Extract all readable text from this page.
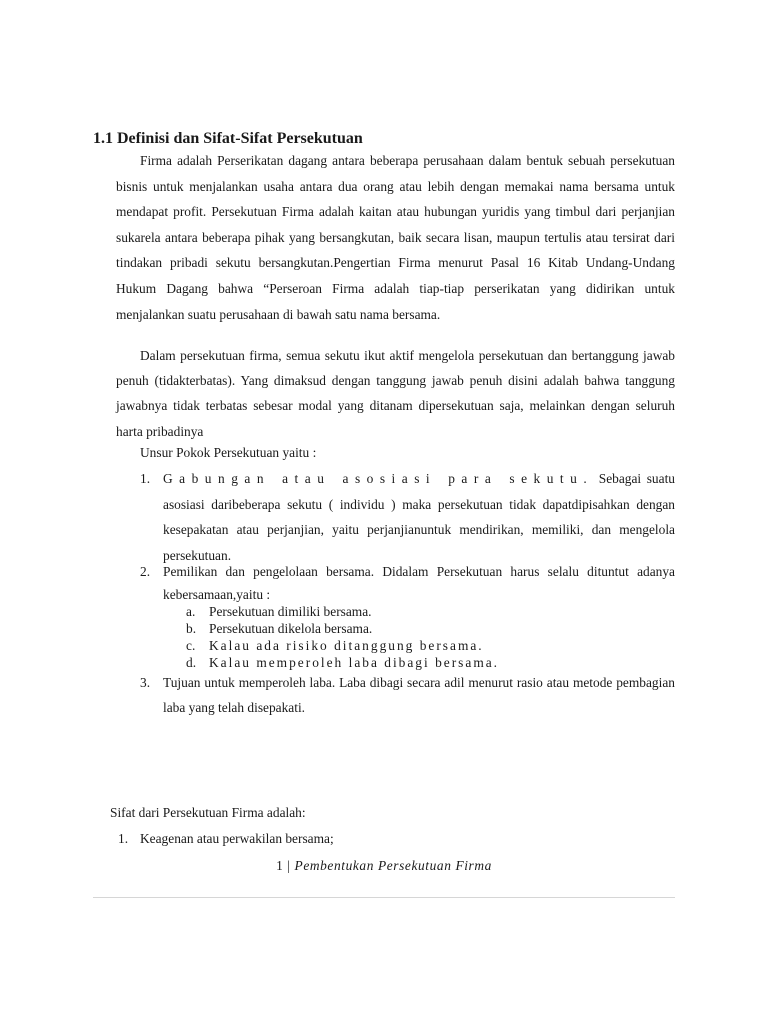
1.1 Definisi dan Sifat-Sifat Persekutuan

Firma adalah Perserikatan dagang antara beberapa perusahaan dalam bentuk sebuah persekutuan bisnis untuk menjalankan usaha antara dua orang atau lebih dengan memakai nama bersama untuk mendapat profit. Persekutuan Firma adalah kaitan atau hubungan yuridis yang timbul dari perjanjian sukarela antara beberapa pihak yang bersangkutan, baik secara lisan, maupun tertulis atau tersirat dari tindakan pribadi sekutu bersangkutan.Pengertian Firma menurut Pasal 16 Kitab Undang-Undang Hukum Dagang bahwa “Perseroan Firma adalah tiap-tiap perserikatan yang didirikan untuk menjalankan suatu perusahaan di bawah satu nama bersama.

Dalam persekutuan firma, semua sekutu ikut aktif mengelola persekutuan dan bertanggung jawab penuh (tidakterbatas). Yang dimaksud dengan tanggung jawab penuh disini adalah bahwa tanggung jawabnya tidak terbatas sebesar modal yang ditanam dipersekutuan saja, melainkan dengan seluruh harta pribadinya

Unsur Pokok Persekutuan yaitu :

1. Gabungan atau asosiasi para sekutu. Sebagai suatu asosiasi daribeberapa sekutu ( individu ) maka persekutuan tidak dapatdipisahkan dengan kesepakatan atau perjanjian, yaitu perjanjianuntuk mendirikan, memiliki, dan mengelola persekutuan.
2. Pemilikan dan pengelolaan bersama. Didalam Persekutuan harus selalu dituntut adanya kebersamaan,yaitu :
a. Persekutuan dimiliki bersama.
b. Persekutuan dikelola bersama.
c. Kalau ada risiko ditanggung bersama.
d. Kalau memperoleh laba dibagi bersama.
3. Tujuan untuk memperoleh laba. Laba dibagi secara adil menurut rasio atau metode pembagian laba yang telah disepakati.

Sifat dari Persekutuan Firma adalah:

1. Keagenan atau perwakilan bersama;

1 | Pembentukan Persekutuan Firma
